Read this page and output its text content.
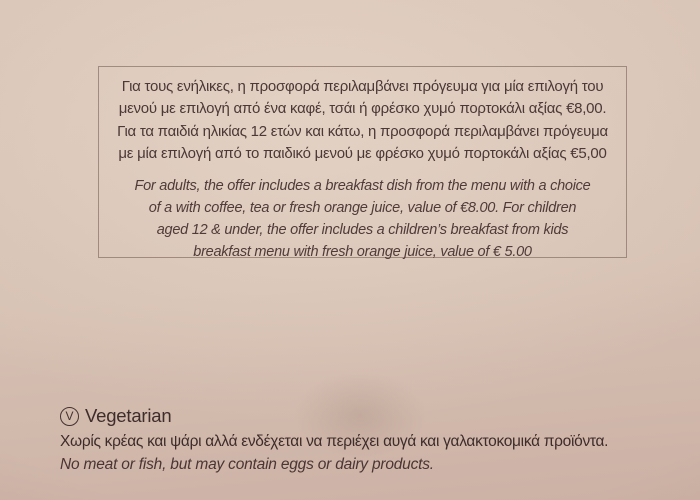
Για τους ενήλικες, η προσφορά περιλαμβάνει πρόγευμα για μία επιλογή του
μενού με επιλογή από ένα καφέ, τσάι ή φρέσκο χυμό πορτοκάλι αξίας €8,00.
Για τα παιδιά ηλικίας 12 ετών και κάτω, η προσφορά περιλαμβάνει πρόγευμα
με μία επιλογή από το παιδικό μενού με φρέσκο χυμό πορτοκάλι αξίας €5,00
For adults, the offer includes a breakfast dish from the menu with a choice
of a with coffee, tea or fresh orange juice, value of €8.00. For children
aged 12 & under, the offer includes a children’s breakfast from kids
breakfast menu with fresh orange juice, value of € 5.00
V Vegetarian
Χωρίς κρέας και ψάρι αλλά ενδέχεται να περιέχει αυγά και γαλακτοκομικά προϊόντα.
No meat or fish, but may contain eggs or dairy products.
